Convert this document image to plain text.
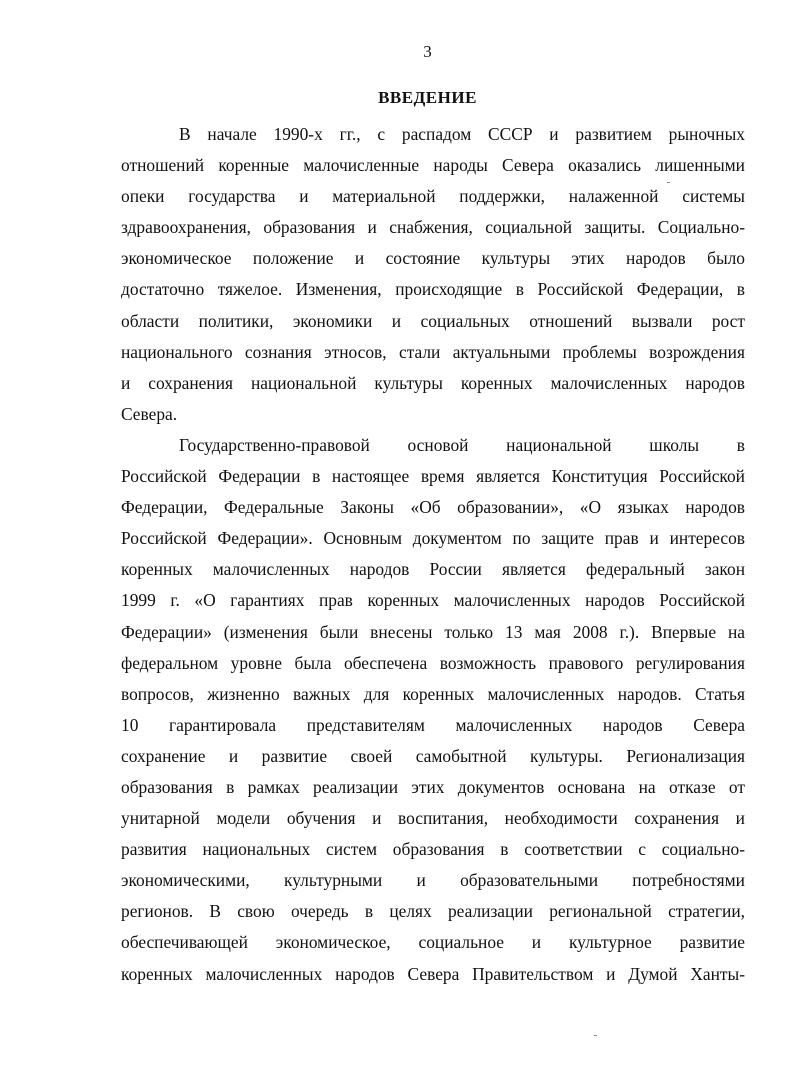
3
ВВЕДЕНИЕ
В начале 1990-х гг., с распадом СССР и развитием рыночных
отношений коренные малочисленные народы Севера оказались лишенными
опеки государства и материальной поддержки, налаженной системы
здравоохранения, образования и снабжения, социальной защиты. Социально-
экономическое положение и состояние культуры этих народов было
достаточно тяжелое. Изменения, происходящие в Российской Федерации, в
области политики, экономики и социальных отношений вызвали рост
национального сознания этносов, стали актуальными проблемы возрождения
и сохранения национальной культуры коренных малочисленных народов
Севера.
Государственно-правовой основой национальной школы в
Российской Федерации в настоящее время является Конституция Российской
Федерации, Федеральные Законы «Об образовании», «О языках народов
Российской Федерации». Основным документом по защите прав и интересов
коренных малочисленных народов России является федеральный закон
1999 г. «О гарантиях прав коренных малочисленных народов Российской
Федерации» (изменения были внесены только 13 мая 2008 г.). Впервые на
федеральном уровне была обеспечена возможность правового регулирования
вопросов, жизненно важных для коренных малочисленных народов. Статья
10 гарантировала представителям малочисленных народов Севера
сохранение и развитие своей самобытной культуры. Регионализация
образования в рамках реализации этих документов основана на отказе от
унитарной модели обучения и воспитания, необходимости сохранения и
развития национальных систем образования в соответствии с социально-
экономическими, культурными и образовательными потребностями
регионов. В свою очередь в целях реализации региональной стратегии,
обеспечивающей экономическое, социальное и культурное развитие
коренных малочисленных народов Севера Правительством и Думой Ханты-
